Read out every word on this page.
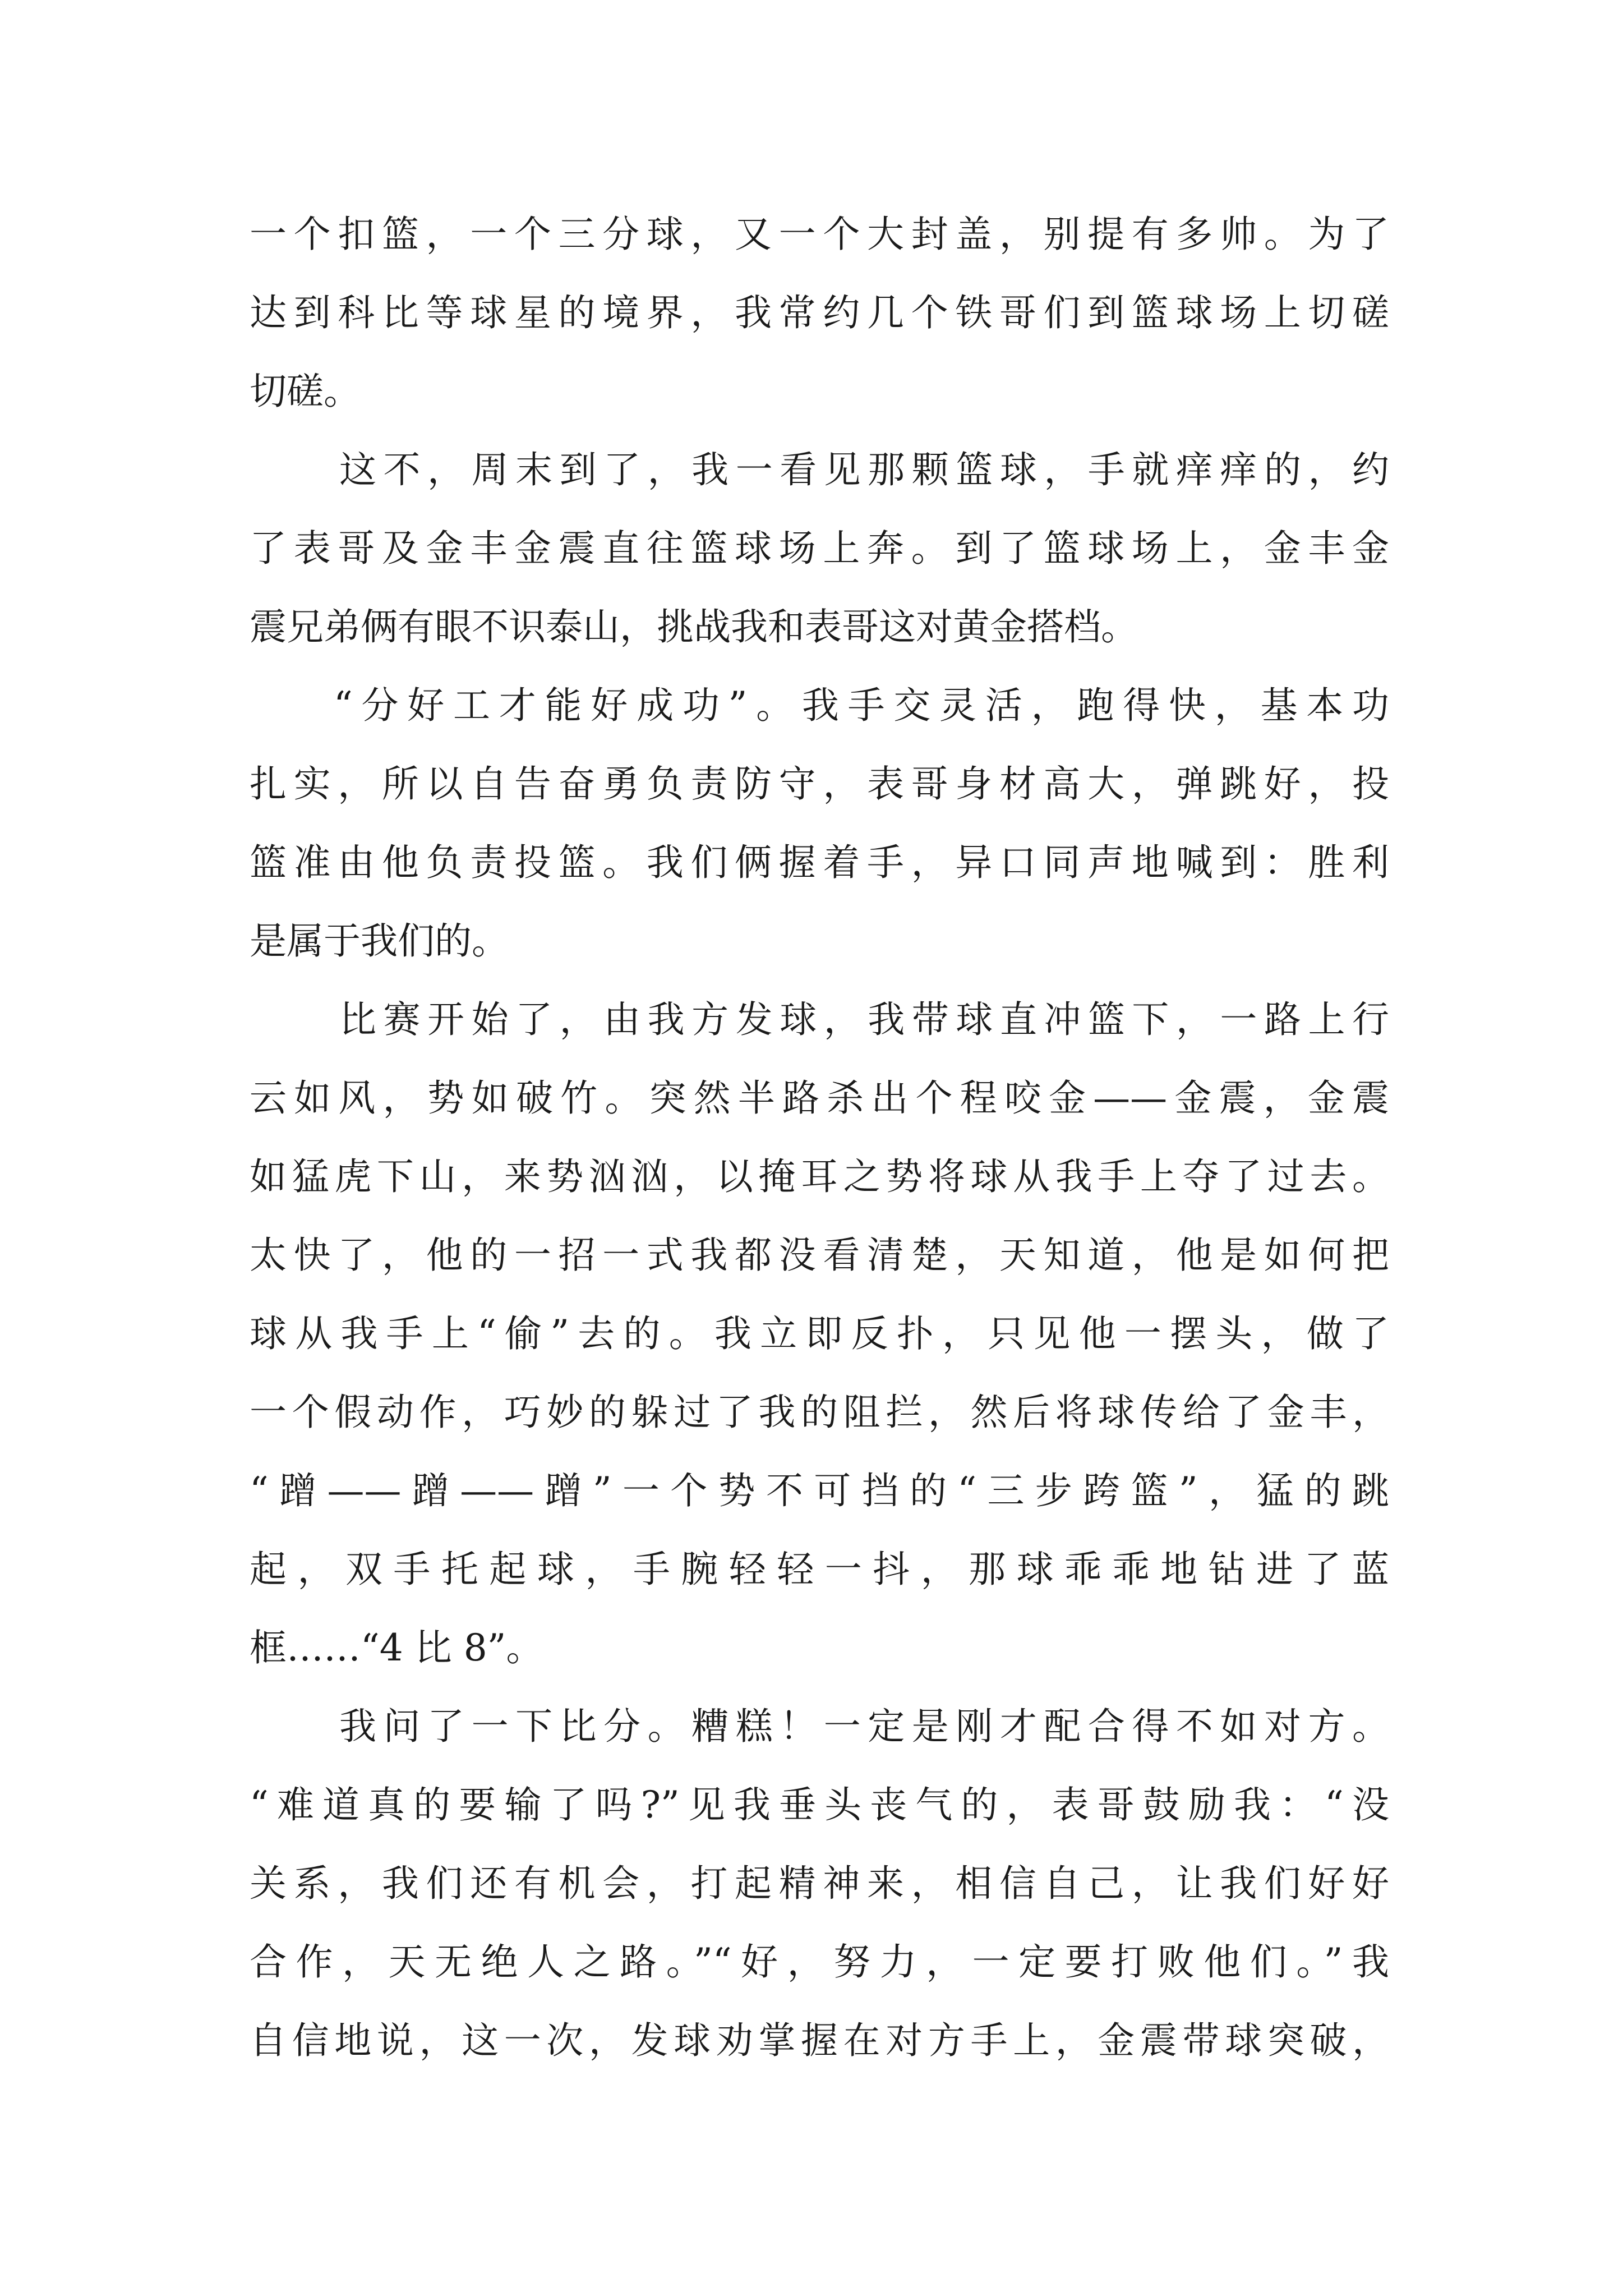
一个扣篮，一个三分球，又一个大封盖，别提有多帅。为了
达到科比等球星的境界，我常约几个铁哥们到篮球场上切磋
切磋。
这不，周末到了，我一看见那颗篮球，手就痒痒的，约
了表哥及金丰金震直往篮球场上奔。到了篮球场上，金丰金
震兄弟俩有眼不识泰山，挑战我和表哥这对黄金搭档。
“分好工才能好成功”。我手交灵活，跑得快，基本功
扎实，所以自告奋勇负责防守，表哥身材高大，弹跳好，投
篮准由他负责投篮。我们俩握着手，异口同声地喊到：胜利
是属于我们的。
比赛开始了，由我方发球，我带球直冲篮下，一路上行
云如风，势如破竹。突然半路杀出个程咬金——金震，金震
如猛虎下山，来势汹汹，以掩耳之势将球从我手上夺了过去。
太快了，他的一招一式我都没看清楚，天知道，他是如何把
球从我手上“偷”去的。我立即反扑，只见他一摆头，做了
一个假动作，巧妙的躲过了我的阻拦，然后将球传给了金丰，
“蹭——蹭——蹭”一个势不可挡的“三步跨篮”，猛的跳
起，双手托起球，手腕轻轻一抖，那球乖乖地钻进了蓝
框……“4 比 8”。
我问了一下比分。糟糕！一定是刚才配合得不如对方。
“难道真的要输了吗?”见我垂头丧气的，表哥鼓励我：“没
关系，我们还有机会，打起精神来，相信自己，让我们好好
合作，天无绝人之路。”“好，努力，一定要打败他们。”我
自信地说，这一次，发球劝掌握在对方手上，金震带球突破，
